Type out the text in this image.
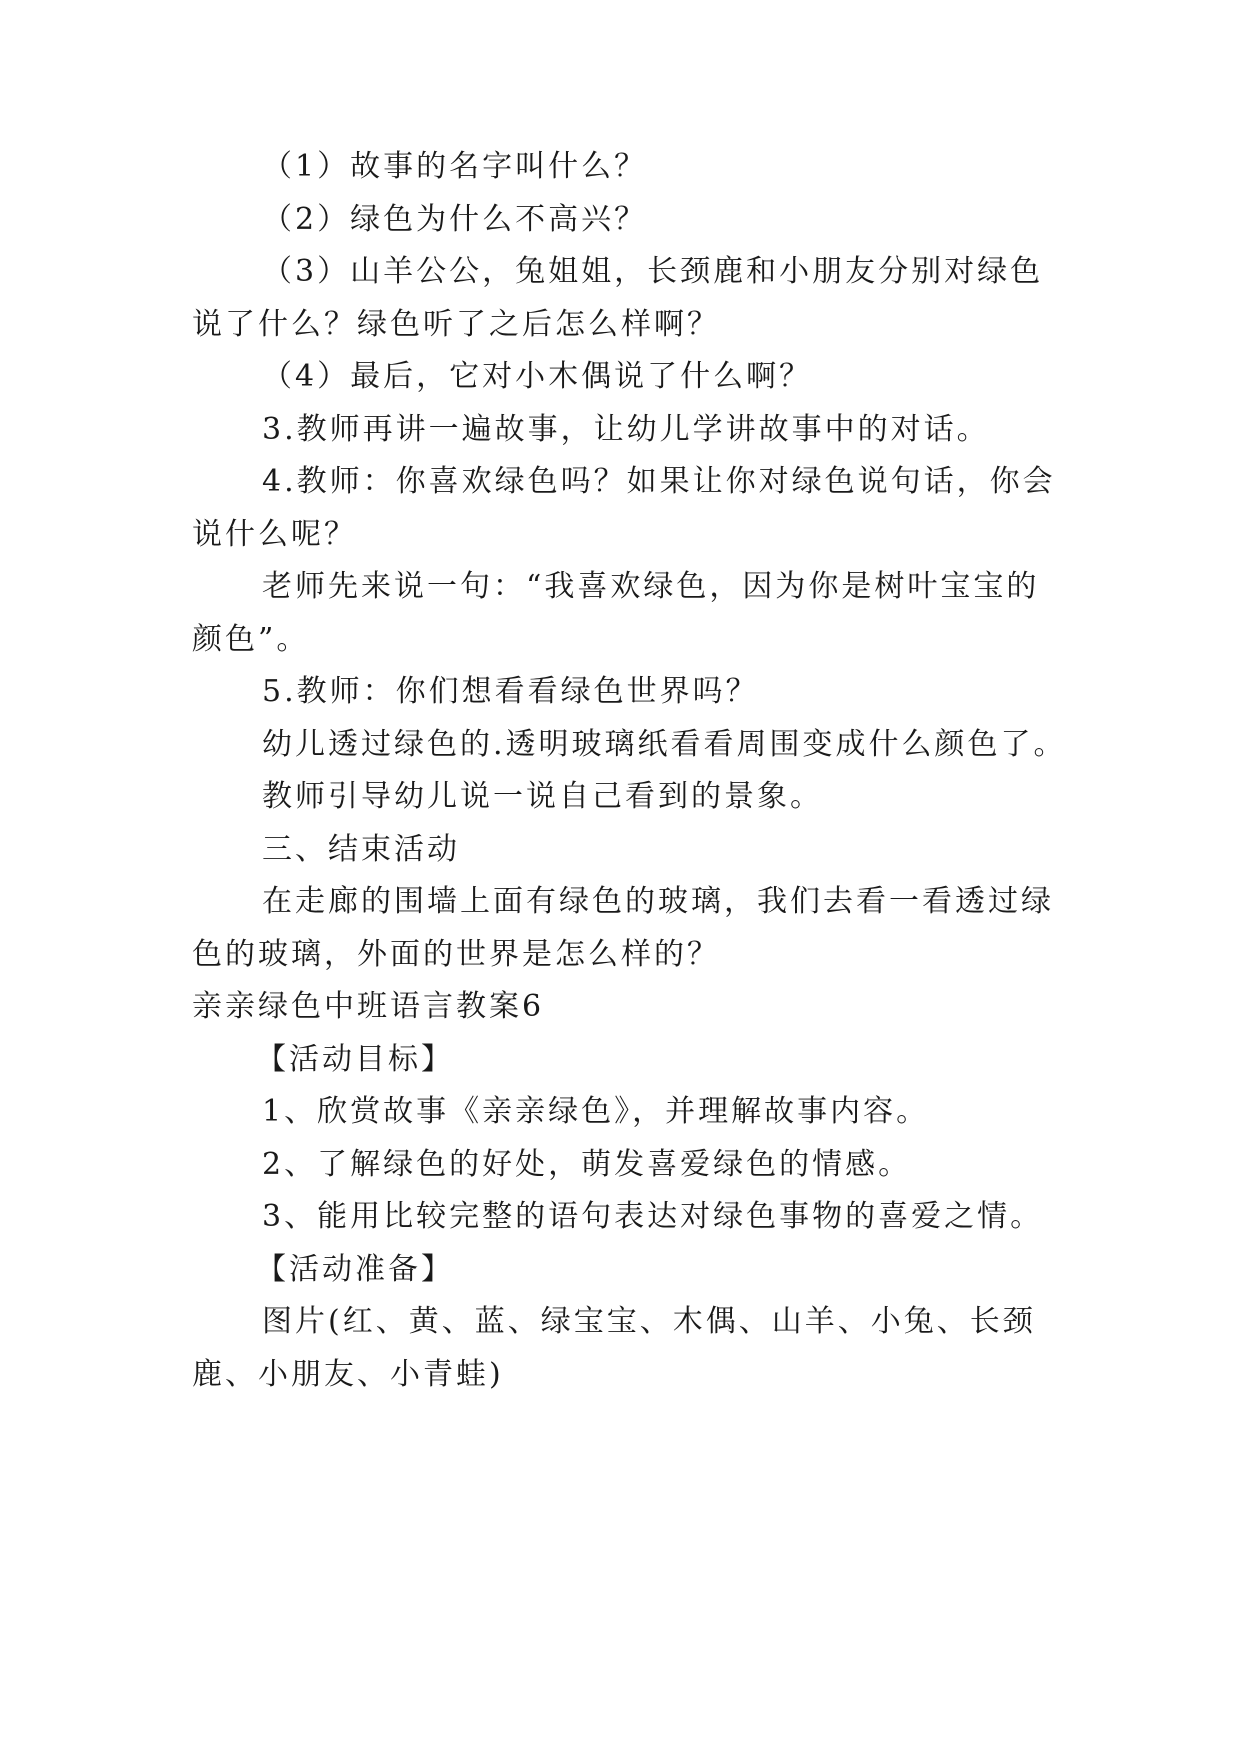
（1）故事的名字叫什么？
（2）绿色为什么不高兴？
（3）山羊公公，兔姐姐，长颈鹿和小朋友分别对绿色
说了什么？绿色听了之后怎么样啊？
（4）最后，它对小木偶说了什么啊？
3.教师再讲一遍故事，让幼儿学讲故事中的对话。
4.教师：你喜欢绿色吗？如果让你对绿色说句话，你会
说什么呢？
老师先来说一句：“我喜欢绿色，因为你是树叶宝宝的
颜色”。
5.教师：你们想看看绿色世界吗？
幼儿透过绿色的.透明玻璃纸看看周围变成什么颜色了。
教师引导幼儿说一说自己看到的景象。
三、结束活动
在走廊的围墙上面有绿色的玻璃，我们去看一看透过绿
色的玻璃，外面的世界是怎么样的？
亲亲绿色中班语言教案6
【活动目标】
1、欣赏故事《亲亲绿色》，并理解故事内容。
2、了解绿色的好处，萌发喜爱绿色的情感。
3、能用比较完整的语句表达对绿色事物的喜爱之情。
【活动准备】
图片(红、黄、蓝、绿宝宝、木偶、山羊、小兔、长颈
鹿、小朋友、小青蛙)
